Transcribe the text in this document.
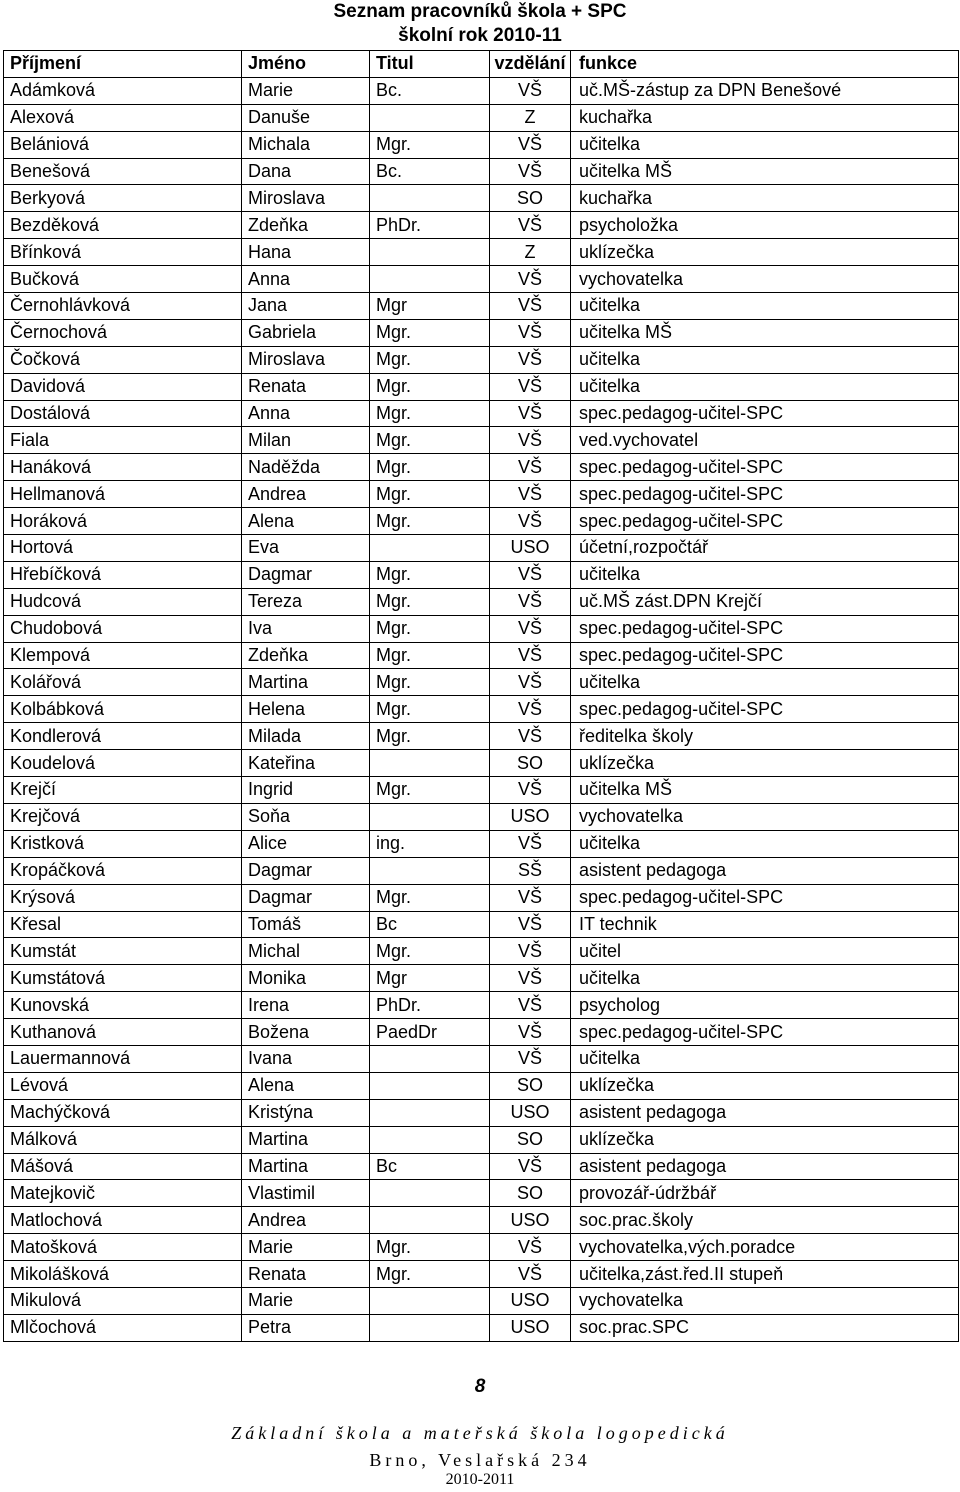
Seznam pracovníků škola + SPC
školní rok 2010-11
Příjmení	Jméno	Titul	vzdělání	funkce
Adámková	Marie	Bc.	VŠ	uč.MŠ-zástup za DPN Benešové
Alexová	Danuše		Z	kuchařka
Belániová	Michala	Mgr.	VŠ	učitelka
Benešová	Dana	Bc.	VŠ	učitelka MŠ
Berkyová	Miroslava		SO	kuchařka
Bezděková	Zdeňka	PhDr.	VŠ	psycholožka
Břínková	Hana		Z	uklízečka
Bučková	Anna		VŠ	vychovatelka
Černohlávková	Jana	Mgr	VŠ	učitelka
Černochová	Gabriela	Mgr.	VŠ	učitelka MŠ
Čočková	Miroslava	Mgr.	VŠ	učitelka
Davidová	Renata	Mgr.	VŠ	učitelka
Dostálová	Anna	Mgr.	VŠ	spec.pedagog-učitel-SPC
Fiala	Milan	Mgr.	VŠ	ved.vychovatel
Hanáková	Naděžda	Mgr.	VŠ	spec.pedagog-učitel-SPC
Hellmanová	Andrea	Mgr.	VŠ	spec.pedagog-učitel-SPC
Horáková	Alena	Mgr.	VŠ	spec.pedagog-učitel-SPC
Hortová	Eva		USO	účetní,rozpočtář
Hřebíčková	Dagmar	Mgr.	VŠ	učitelka
Hudcová	Tereza	Mgr.	VŠ	uč.MŠ zást.DPN Krejčí
Chudobová	Iva	Mgr.	VŠ	spec.pedagog-učitel-SPC
Klempová	Zdeňka	Mgr.	VŠ	spec.pedagog-učitel-SPC
Kolářová	Martina	Mgr.	VŠ	učitelka
Kolbábková	Helena	Mgr.	VŠ	spec.pedagog-učitel-SPC
Kondlerová	Milada	Mgr.	VŠ	ředitelka školy
Koudelová	Kateřina		SO	uklízečka
Krejčí	Ingrid	Mgr.	VŠ	učitelka MŠ
Krejčová	Soňa		USO	vychovatelka
Kristková	Alice	ing.	VŠ	učitelka
Kropáčková	Dagmar		SŠ	asistent pedagoga
Krýsová	Dagmar	Mgr.	VŠ	spec.pedagog-učitel-SPC
Křesal	Tomáš	Bc	VŠ	IT technik
Kumstát	Michal	Mgr.	VŠ	učitel
Kumstátová	Monika	Mgr	VŠ	učitelka
Kunovská	Irena	PhDr.	VŠ	psycholog
Kuthanová	Božena	PaedDr	VŠ	spec.pedagog-učitel-SPC
Lauermannová	Ivana		VŠ	učitelka
Lévová	Alena		SO	uklízečka
Machýčková	Kristýna		USO	asistent pedagoga
Málková	Martina		SO	uklízečka
Mášová	Martina	Bc	VŠ	asistent pedagoga
Matejkovič	Vlastimil		SO	provozář-údržbář
Matlochová	Andrea		USO	soc.prac.školy
Matošková	Marie	Mgr.	VŠ	vychovatelka,vých.poradce
Mikolášková	Renata	Mgr.	VŠ	učitelka,zást.řed.II stupeň
Mikulová	Marie		USO	vychovatelka
Mlčochová	Petra		USO	soc.prac.SPC
8
Základní škola a mateřská škola logopedická
Brno, Veslařská 234
2010-2011
